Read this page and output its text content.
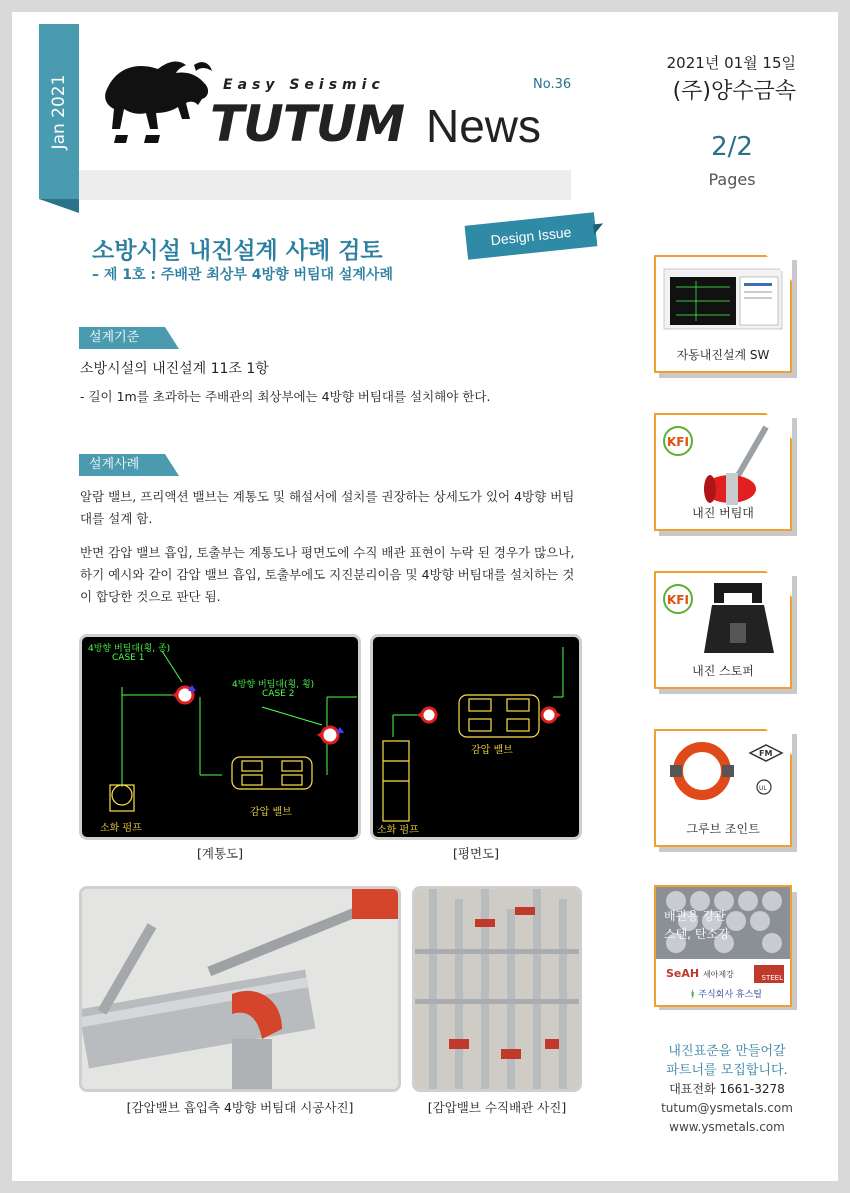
Jan 2021	Easy Seismic
TUTUM News
No.36
2021년 01월 15일
(주)양수금속
2/2
Pages
Design Issue
소방시설 내진설계 사례 검토
– 제 1호 : 주배관 최상부 4방향 버팀대 설계사례
설계기준
소방시설의 내진설계 11조 1항
- 길이 1m를 초과하는 주배관의 최상부에는 4방향 버팀대를 설치해야 한다.
설계사례
알람 밸브, 프리액션 밸브는 계통도 및 해설서에 설치를 권장하는 상세도가 있어 4방향 버팀대를 설계 함.
반면 감압 밸브 흡입, 토출부는 계통도나 평면도에 수직 배관 표현이 누락 된 경우가 많으나, 하기 예시와 같이 감압 밸브 흡입, 토출부에도 지진분리이음 및 4방향 버팀대를 설치하는 것이 합당한 것으로 판단 됨.
4방향 버팀대(횡, 종)
CASE 1
4방향 버팀대(횡, 횡)
CASE 2
소화 펌프
감압 밸브
[계통도]
감압 밸브
소화 펌프
[평면도]
[감압밸브 흡입측 4방향 버팀대 시공사진]	[감압밸브 수직배관 사진]
자동내진설계 SW
KFI
내진 버팀대
KFI
내진 스토퍼
FM
UL
그루브 조인트
배관용 강관
스텐, 탄소강
SeAH 세아제강	STEEL
ᚼ 주식회사 휴스틸
내진표준을 만들어갈
파트너를 모집합니다.
대표전화 1661-3278
tutum@ysmetals.com
www.ysmetals.com
